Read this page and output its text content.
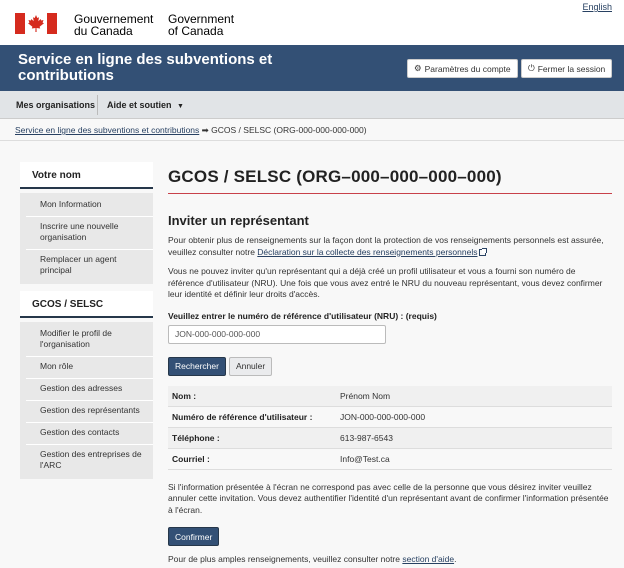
English
Gouvernement
du Canada
Government
of Canada
Service en ligne des subventions et contributions	⚙ Paramètres du compte ⏻ Fermer la session
Mes organisations Aide et soutien ▼
Service en ligne des subventions et contributions ➡ GCOS / SELSC (ORG-000-000-000-000)
Votre nom
Mon Information
Inscrire une nouvelle organisation
Remplacer un agent principal
GCOS / SELSC
Modifier le profil de l'organisation
Mon rôle
Gestion des adresses
Gestion des représentants
Gestion des contacts
Gestion des entreprises de l'ARC
GCOS / SELSC (ORG–000–000–000–000)
Inviter un représentant
Pour obtenir plus de renseignements sur la façon dont la protection de vos renseignements personnels est assurée, veuillez consulter notre Déclaration sur la collecte des renseignements personnels
Vous ne pouvez inviter qu'un représentant qui a déjà créé un profil utilisateur et vous a fourni son numéro de référence d'utilisateur (NRU). Une fois que vous avez entré le NRU du nouveau représentant, vous devez confirmer leur identité et définir leur droits d'accès.
Veuillez entrer le numéro de référence d'utilisateur (NRU) : (requis)
JON-000-000-000-000
Rechercher Annuler
Nom :	Prénom Nom
Numéro de référence d'utilisateur :	JON-000-000-000-000
Téléphone :	613-987-6543
Courriel :	Info@Test.ca
Si l'information présentée à l'écran ne correspond pas avec celle de la personne que vous désirez inviter veuillez annuler cette invitation. Vous devez authentifier l'identité d'un représentant avant de confirmer l'information présentée à l'écran.
Confirmer
Pour de plus amples renseignements, veuillez consulter notre section d'aide.
